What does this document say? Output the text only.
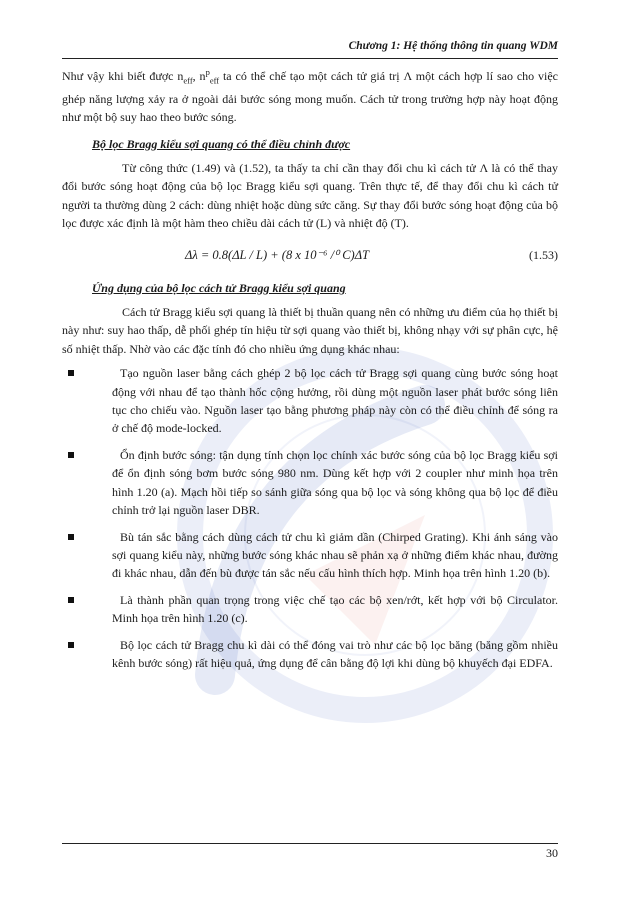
Chương 1: Hệ thống thông tin quang WDM

Như vậy khi biết được $n_{eff}$, $n^p_{eff}$ ta có thể chế tạo một cách tử giá trị Λ một cách hợp lí sao cho việc ghép năng lượng xảy ra ở ngoài dải bước sóng mong muốn. Cách tử trong trường hợp này hoạt động như một bộ suy hao theo bước sóng.

Bộ lọc Bragg kiểu sợi quang có thể điều chỉnh được

Từ công thức (1.49) và (1.52), ta thấy ta chỉ cần thay đổi chu kì cách tử Λ là có thể thay đổi bước sóng hoạt động của bộ lọc Bragg kiểu sợi quang. Trên thực tế, để thay đổi chu kì cách tử người ta thường dùng 2 cách: dùng nhiệt hoặc dùng sức căng. Sự thay đổi bước sóng hoạt động của bộ lọc được xác định là một hàm theo chiều dài cách tử (L) và nhiệt độ (T).

Δλ = 0.8(ΔL / L) + (8 x 10⁻⁶ /⁰ C)ΔT	(1.53)

Ứng dụng của bộ lọc cách tử Bragg kiểu sợi quang

Cách tử Bragg kiểu sợi quang là thiết bị thuần quang nên có những ưu điểm của họ thiết bị này như: suy hao thấp, dễ phối ghép tín hiệu từ sợi quang vào thiết bị, không nhạy với sự phân cực, hệ số nhiệt thấp. Nhờ vào các đặc tính đó cho nhiều ứng dụng khác nhau:

Tạo nguồn laser bằng cách ghép 2 bộ lọc cách tử Bragg sợi quang cùng bước sóng hoạt động với nhau để tạo thành hốc cộng hưởng, rồi dùng một nguồn laser phát bước sóng liên tục cho chiếu vào. Nguồn laser tạo bằng phương pháp này còn có thể điều chỉnh để sóng ra ở chế độ mode-locked.
Ổn định bước sóng: tận dụng tính chọn lọc chính xác bước sóng của bộ lọc Bragg kiểu sợi để ổn định sóng bơm bước sóng 980 nm. Dùng kết hợp với 2 coupler như minh họa trên hình 1.20 (a). Mạch hồi tiếp so sánh giữa sóng qua bộ lọc và sóng không qua bộ lọc để điều chỉnh trở lại nguồn laser DBR.
Bù tán sắc bằng cách dùng cách tử chu kì giảm dần (Chirped Grating). Khi ánh sáng vào sợi quang kiểu này, những bước sóng khác nhau sẽ phản xạ ở những điểm khác nhau, đường đi khác nhau, dẫn đến bù được tán sắc nếu cấu hình thích hợp. Minh họa trên hình 1.20 (b).
Là thành phần quan trọng trong việc chế tạo các bộ xen/rớt, kết hợp với bộ Circulator. Minh họa trên hình 1.20 (c).
Bộ lọc cách tử Bragg chu kì dài có thể đóng vai trò như các bộ lọc băng (băng gồm nhiều kênh bước sóng) rất hiệu quả, ứng dụng để cân bằng độ lợi khi dùng bộ khuyếch đại EDFA.
30
